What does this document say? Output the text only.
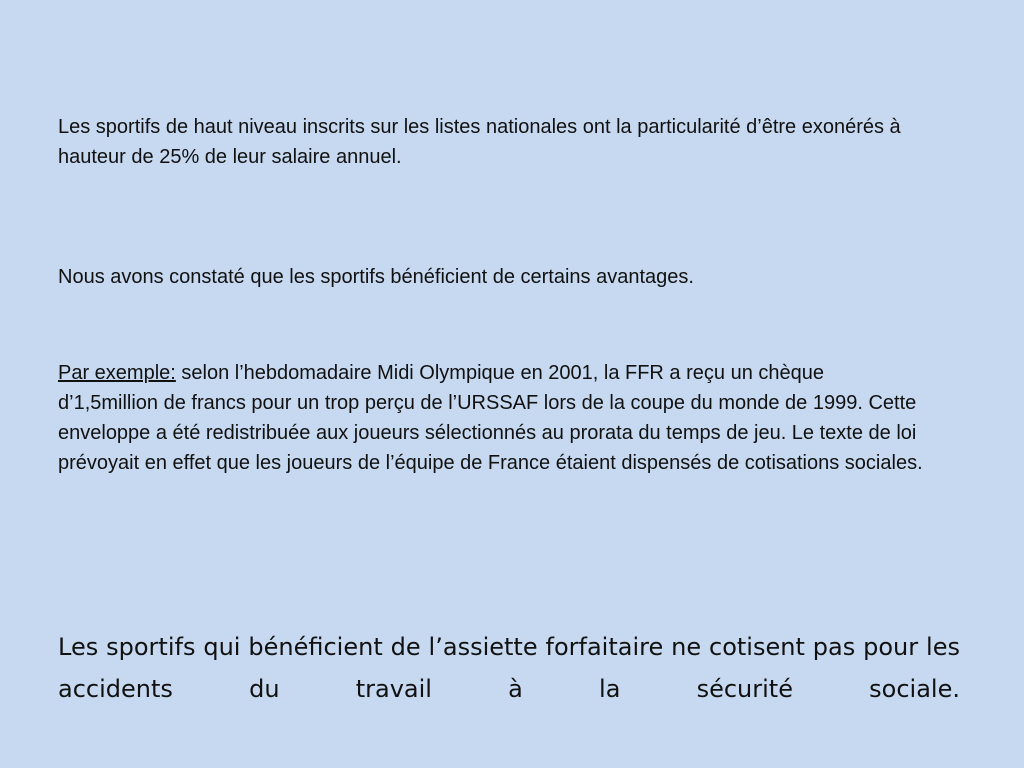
Les sportifs de haut niveau inscrits sur les listes nationales ont la particularité d’être exonérés à hauteur de 25% de leur salaire annuel.

Nous avons constaté que les sportifs bénéficient de certains avantages.

Par exemple: selon l’hebdomadaire Midi Olympique en 2001, la FFR a reçu un chèque d’1,5million de francs pour un trop perçu de l’URSSAF lors de la coupe du monde de 1999. Cette enveloppe a été redistribuée aux joueurs sélectionnés au prorata du temps de jeu. Le texte de loi prévoyait en effet que les joueurs de l’équipe de France étaient dispensés de cotisations sociales.

Les sportifs qui bénéficient de l’assiette forfaitaire ne cotisent pas pour les accidents du travail à la sécurité sociale.
